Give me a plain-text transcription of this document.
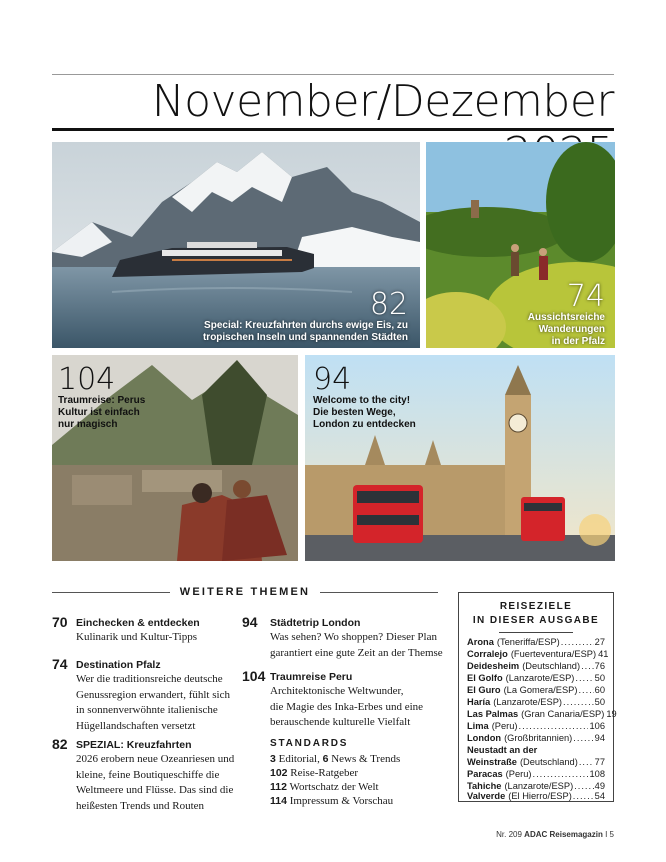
November/Dezember
82
Special: Kreuzfahrten durchs ewige Eis, zu
tropischen Inseln und spannenden Städten
74
Aussichtsreiche
Wanderungen
in der Pfalz
104
Traumreise: Perus
Kultur ist einfach
nur magisch
94
Welcome to the city!
Die besten Wege,
London zu entdecken
WEITERE THEMEN
70 Einchecken & entdecken
Kulinarik und Kultur-Tipps
74 Destination Pfalz
Wer die traditionsreiche deutsche
Genussregion erwandert, fühlt sich
in sonnenverwöhnte italienische
Hügellandschaften versetzt
82 SPEZIAL: Kreuzfahrten
2026 erobern neue Ozeanriesen und
kleine, feine Boutiqueschiffe die
Weltmeere und Flüsse. Das sind die
heißesten Trends und Routen
94 Städtetrip London
Was sehen? Wo shoppen? Dieser Plan
garantiert eine gute Zeit an der Themse
104 Traumreise Peru
Architektonische Weltwunder,
die Magie des Inka-Erbes und eine
berauschende kulturelle Vielfalt
STANDARDS
3 Editorial, 6 News & Trends
102 Reise-Ratgeber
112 Wortschatz der Welt
114 Impressum & Vorschau
REISEZIELE
IN DIESER AUSGABE
Arona (Teneriffa/ESP) .....	27
Corralejo (Fuerteventura/ESP) 41
Deidesheim (Deutschland) ..... 76
El Golfo (Lanzarote/ESP) ..... 50
El Guro (La Gomera/ESP) ..... 60
Haría (Lanzarote/ESP) .....	50
Las Palmas (Gran Canaria/ESP) 19
Lima (Peru) .....	106
London (Großbritannien) ..... 94
Neustadt an der
Weinstraße (Deutschland) ..... 77
Paracas (Peru) .....	108
Tahiche (Lanzarote/ESP) ..... 49
Valverde (El Hierro/ESP) ..... 54
Nr. 209 ADAC Reisemagazin I 5
